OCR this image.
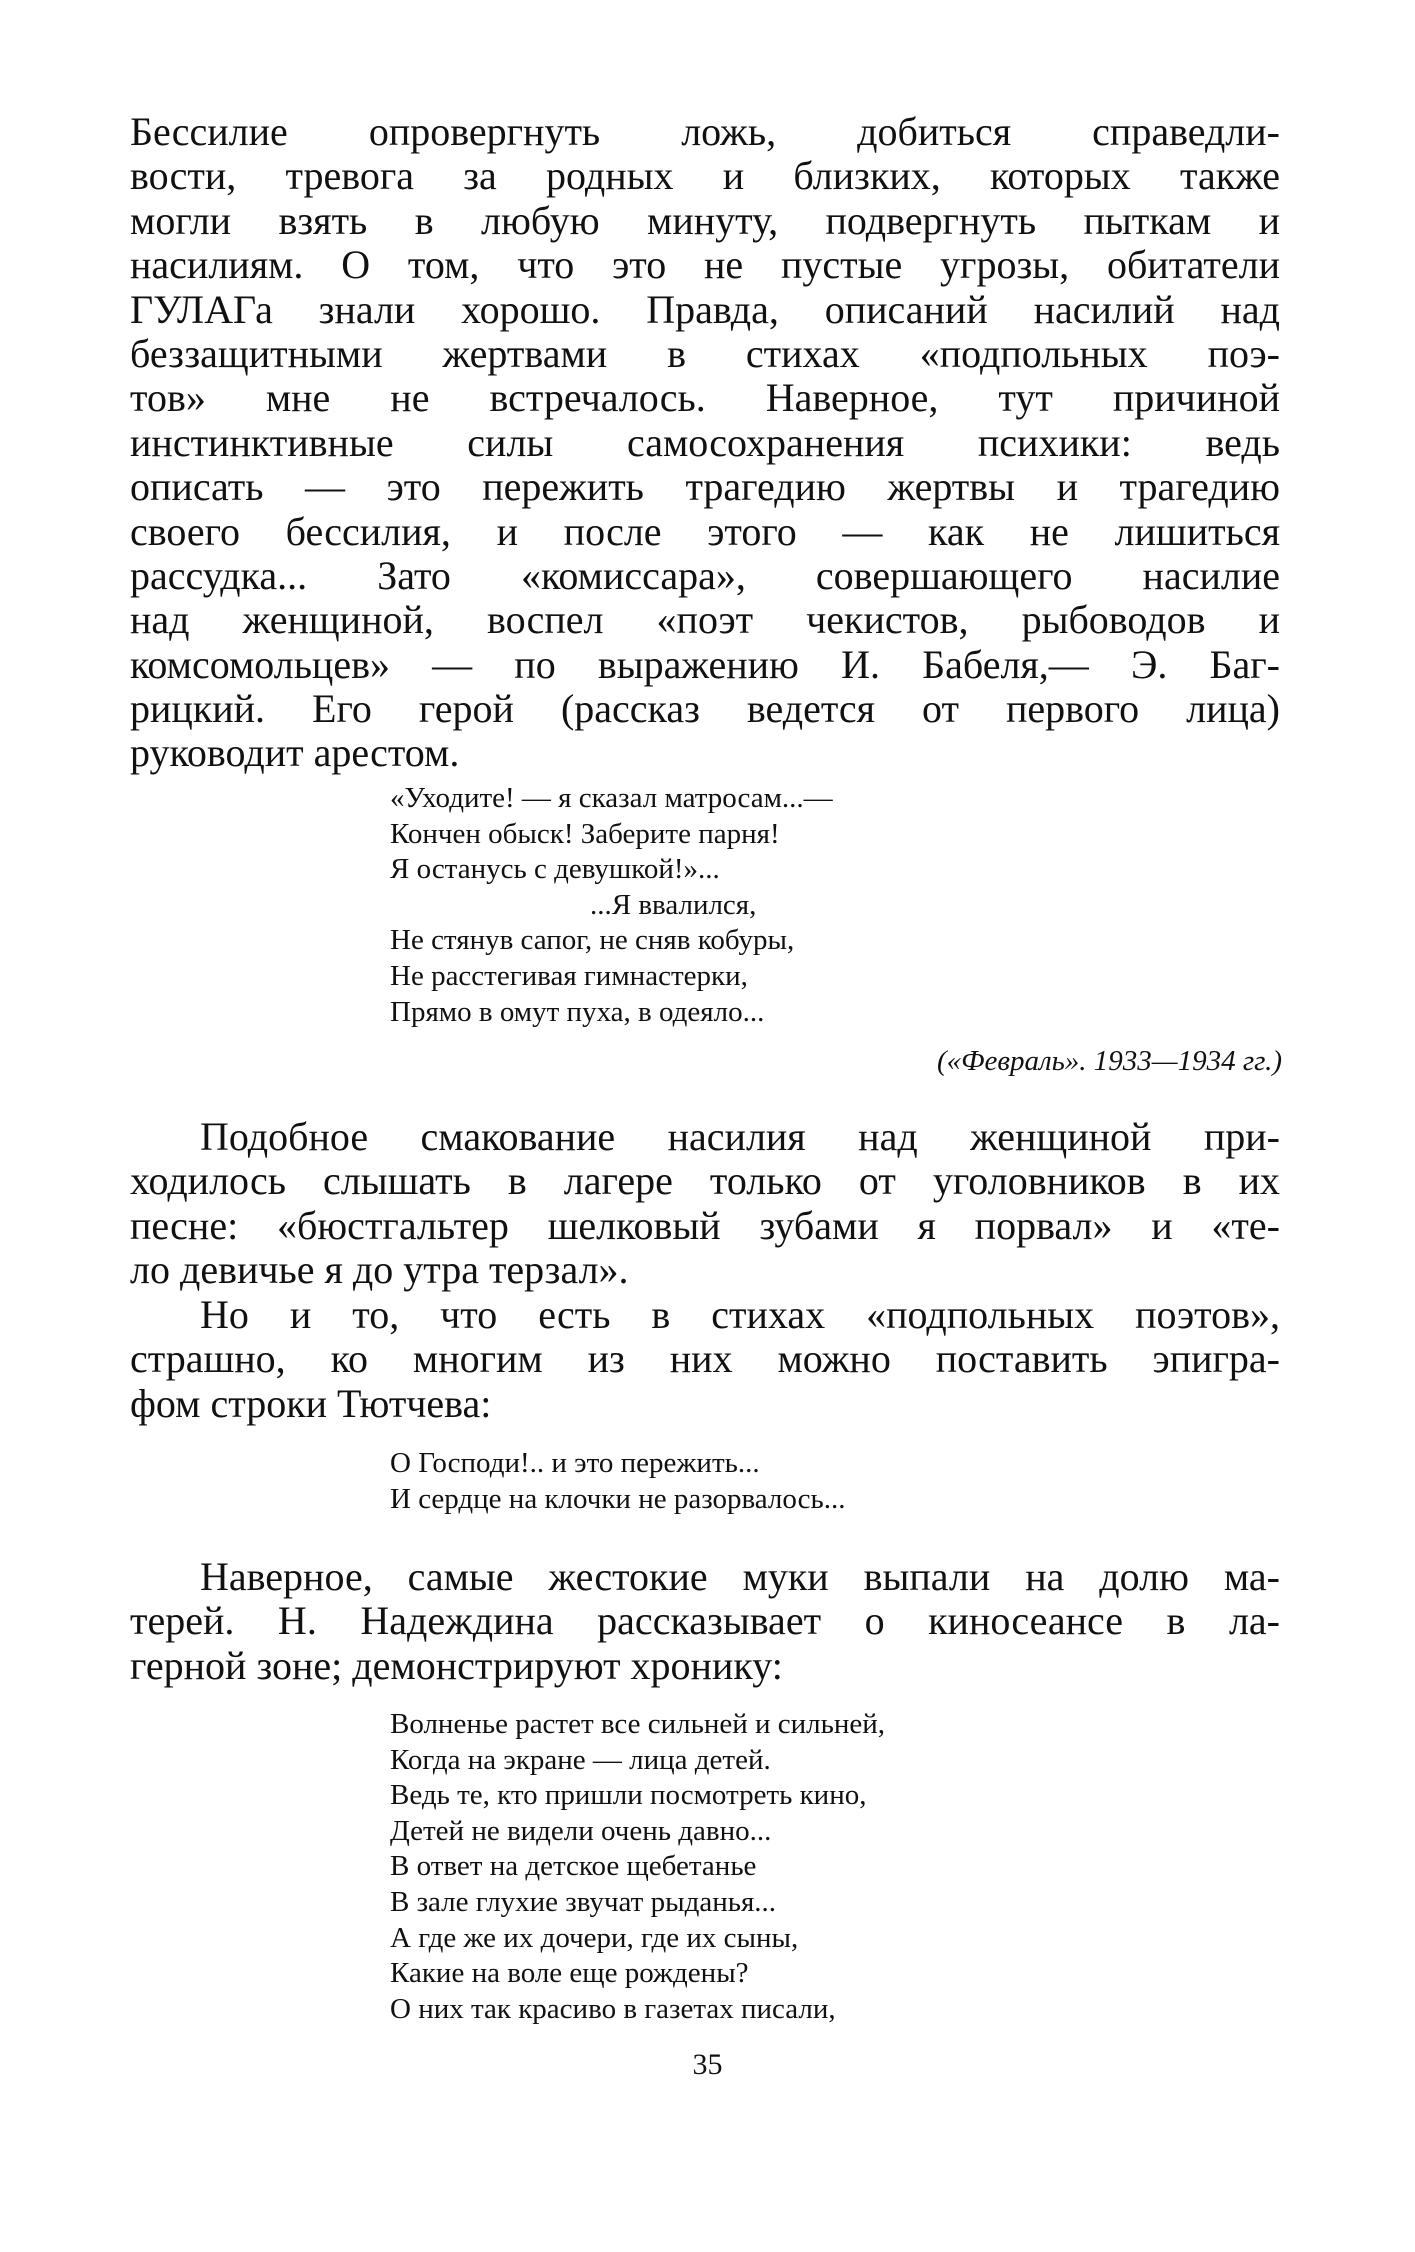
Бессилие опровергнуть ложь, добиться справедли-
вости, тревога за родных и близких, которых также
могли взять в любую минуту, подвергнуть пыткам и
насилиям. О том, что это не пустые угрозы, обитатели
ГУЛАГа знали хорошо. Правда, описаний насилий над
беззащитными жертвами в стихах «подпольных поэ-
тов» мне не встречалось. Наверное, тут причиной
инстинктивные силы самосохранения психики: ведь
описать — это пережить трагедию жертвы и трагедию
своего бессилия, и после этого — как не лишиться
рассудка... Зато «комиссара», совершающего насилие
над женщиной, воспел «поэт чекистов, рыбоводов и
комсомольцев» — по выражению И. Бабеля,— Э. Баг-
рицкий. Его герой (рассказ ведется от первого лица)
руководит арестом.
«Уходите! — я сказал матросам...—
Кончен обыск! Заберите парня!
Я останусь с девушкой!»...
...Я ввалился,
Не стянув сапог, не сняв кобуры,
Не расстегивая гимнастерки,
Прямо в омут пуха, в одеяло...
(«Февраль». 1933—1934 гг.)
Подобное смакование насилия над женщиной при-
ходилось слышать в лагере только от уголовников в их
песне: «бюстгальтер шелковый зубами я порвал» и «те-
ло девичье я до утра терзал».
Но и то, что есть в стихах «подпольных поэтов»,
страшно, ко многим из них можно поставить эпигра-
фом строки Тютчева:
О Господи!.. и это пережить...
И сердце на клочки не разорвалось...
Наверное, самые жестокие муки выпали на долю ма-
терей. Н. Надеждина рассказывает о киносеансе в ла-
герной зоне; демонстрируют хронику:
Волненье растет все сильней и сильней,
Когда на экране — лица детей.
Ведь те, кто пришли посмотреть кино,
Детей не видели очень давно...
В ответ на детское щебетанье
В зале глухие звучат рыданья...
А где же их дочери, где их сыны,
Какие на воле еще рождены?
О них так красиво в газетах писали,
35
